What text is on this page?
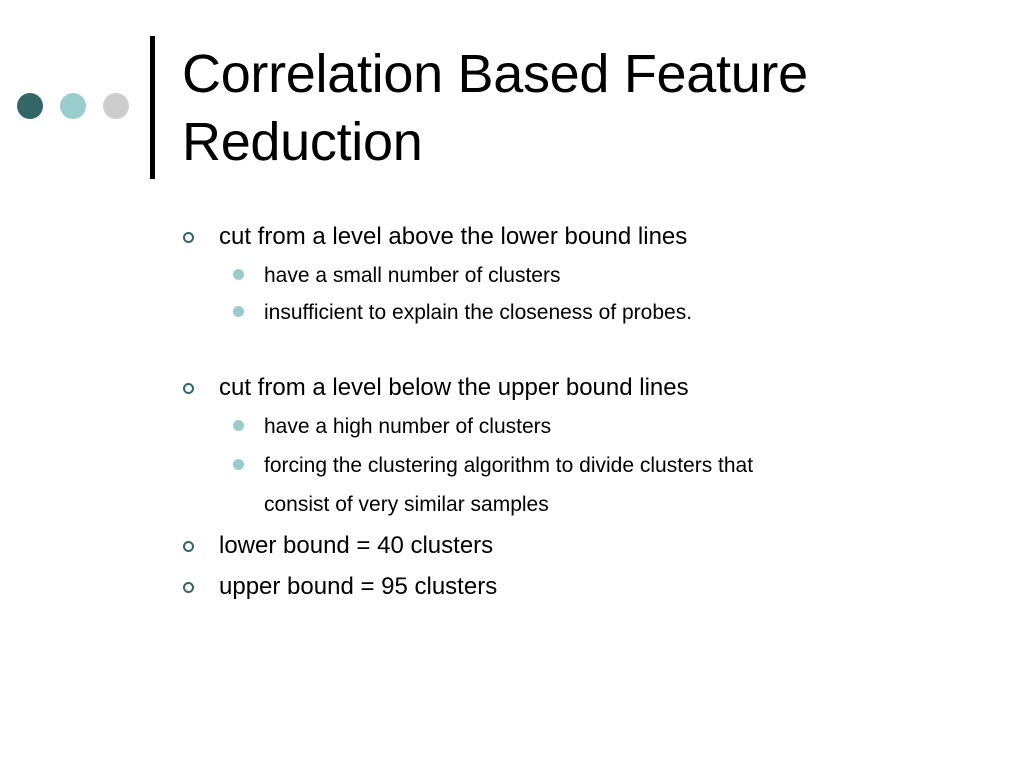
Correlation Based Feature
Reduction
cut from a level above the lower bound lines
have a small number of clusters
insufficient to explain the closeness of probes.
cut from a level below the upper bound lines
have a high number of clusters
forcing the clustering algorithm to divide clusters that
consist of very similar samples
lower bound = 40 clusters
upper bound = 95 clusters
